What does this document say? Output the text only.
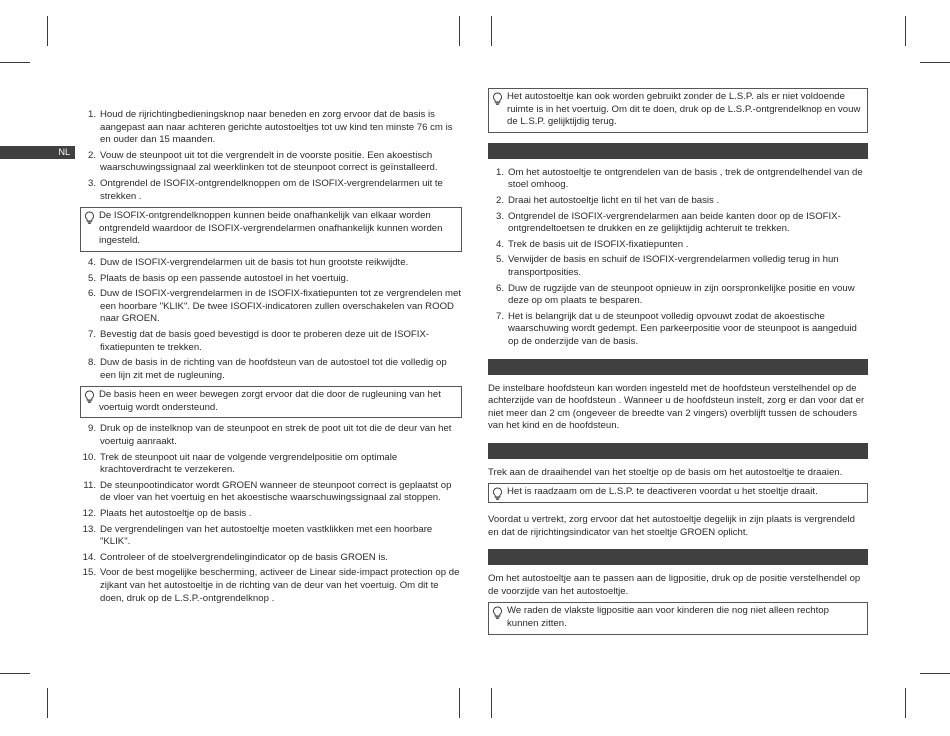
NL
1. Houd de rijrichtingbedieningsknop naar beneden en zorg ervoor dat de basis is aangepast aan naar achteren gerichte autostoeltjes tot uw kind ten minste 76 cm is en ouder dan 15 maanden.
2. Vouw de steunpoot uit tot die vergrendelt in de voorste positie. Een akoestisch waarschuwingssignaal zal weerklinken tot de steunpoot correct is geïnstalleerd.
3. Ontgrendel de ISOFIX-ontgrendelknoppen om de ISOFIX-vergrendelarmen uit te strekken .
De ISOFIX-ontgrendelknoppen kunnen beide onafhankelijk van elkaar worden ontgrendeld waardoor de ISOFIX-vergrendelarmen onafhankelijk kunnen worden ingesteld.
4. Duw de ISOFIX-vergrendelarmen uit de basis tot hun grootste reikwijdte.
5. Plaats de basis op een passende autostoel in het voertuig.
6. Duw de ISOFIX-vergrendelarmen in de ISOFIX-fixatiepunten tot ze vergrendelen met een hoorbare "KLIK". De twee ISOFIX-indicatoren zullen overschakelen van ROOD naar GROEN.
7. Bevestig dat de basis goed bevestigd is door te proberen deze uit de ISOFIX-fixatiepunten te trekken.
8. Duw de basis in de richting van de hoofdsteun van de autostoel tot die volledig op een lijn zit met de rugleuning.
De basis heen en weer bewegen zorgt ervoor dat die door de rugleuning van het voertuig wordt ondersteund.
9. Druk op de instelknop van de steunpoot en strek de poot uit tot die de deur van het voertuig aanraakt.
10. Trek de steunpoot uit naar de volgende vergrendelpositie om optimale krachtoverdracht te verzekeren.
11. De steunpootindicator wordt GROEN wanneer de steunpoot correct is geplaatst op de vloer van het voertuig en het akoestische waarschuwingssignaal zal stoppen.
12. Plaats het autostoeltje op de basis .
13. De vergrendelingen van het autostoeltje moeten vastklikken met een hoorbare "KLIK".
14. Controleer of de stoelvergrendelingindicator op de basis GROEN is.
15. Voor de best mogelijke bescherming, activeer de Linear side-impact protection op de zijkant van het autostoeltje in de richting van de deur van het voertuig. Om dit te doen, druk op de L.S.P.-ontgrendelknop .
Het autostoeltje kan ook worden gebruikt zonder de L.S.P. als er niet voldoende ruimte is in het voertuig. Om dit te doen, druk op de L.S.P.-ontgrendelknop en vouw de L.S.P. gelijktijdig terug.
1. Om het autostoeltje te ontgrendelen van de basis , trek de ontgrendelhendel van de stoel omhoog.
2. Draai het autostoeltje licht en til het van de basis .
3. Ontgrendel de ISOFIX-vergrendelarmen aan beide kanten door op de ISOFIX-ontgrendeltoetsen te drukken en ze gelijktijdig achteruit te trekken.
4. Trek de basis uit de ISOFIX-fixatiepunten .
5. Verwijder de basis en schuif de ISOFIX-vergrendelarmen volledig terug in hun transportposities.
6. Duw de rugzijde van de steunpoot opnieuw in zijn oorspronkelijke positie en vouw deze op om plaats te besparen.
7. Het is belangrijk dat u de steunpoot volledig opvouwt zodat de akoestische waarschuwing wordt gedempt. Een parkeerpositie voor de steunpoot is aangeduid op de onderzijde van de basis.

De instelbare hoofdsteun kan worden ingesteld met de hoofdsteun verstelhendel op de achterzijde van de hoofdsteun . Wanneer u de hoofdsteun instelt, zorg er dan voor dat er niet meer dan 2 cm (ongeveer de breedte van 2 vingers) overblijft tussen de schouders van het kind en de hoofdsteun.

Trek aan de draaihendel van het stoeltje op de basis om het autostoeltje te draaien.

Het is raadzaam om de L.S.P. te deactiveren voordat u het stoeltje draait.

Voordat u vertrekt, zorg ervoor dat het autostoeltje degelijk in zijn plaats is vergrendeld en dat de rijrichtingsindicator van het stoeltje GROEN oplicht.

Om het autostoeltje aan te passen aan de ligpositie, druk op de positie verstelhendel op de voorzijde van het autostoeltje.

We raden de vlakste ligpositie aan voor kinderen die nog niet alleen rechtop kunnen zitten.
